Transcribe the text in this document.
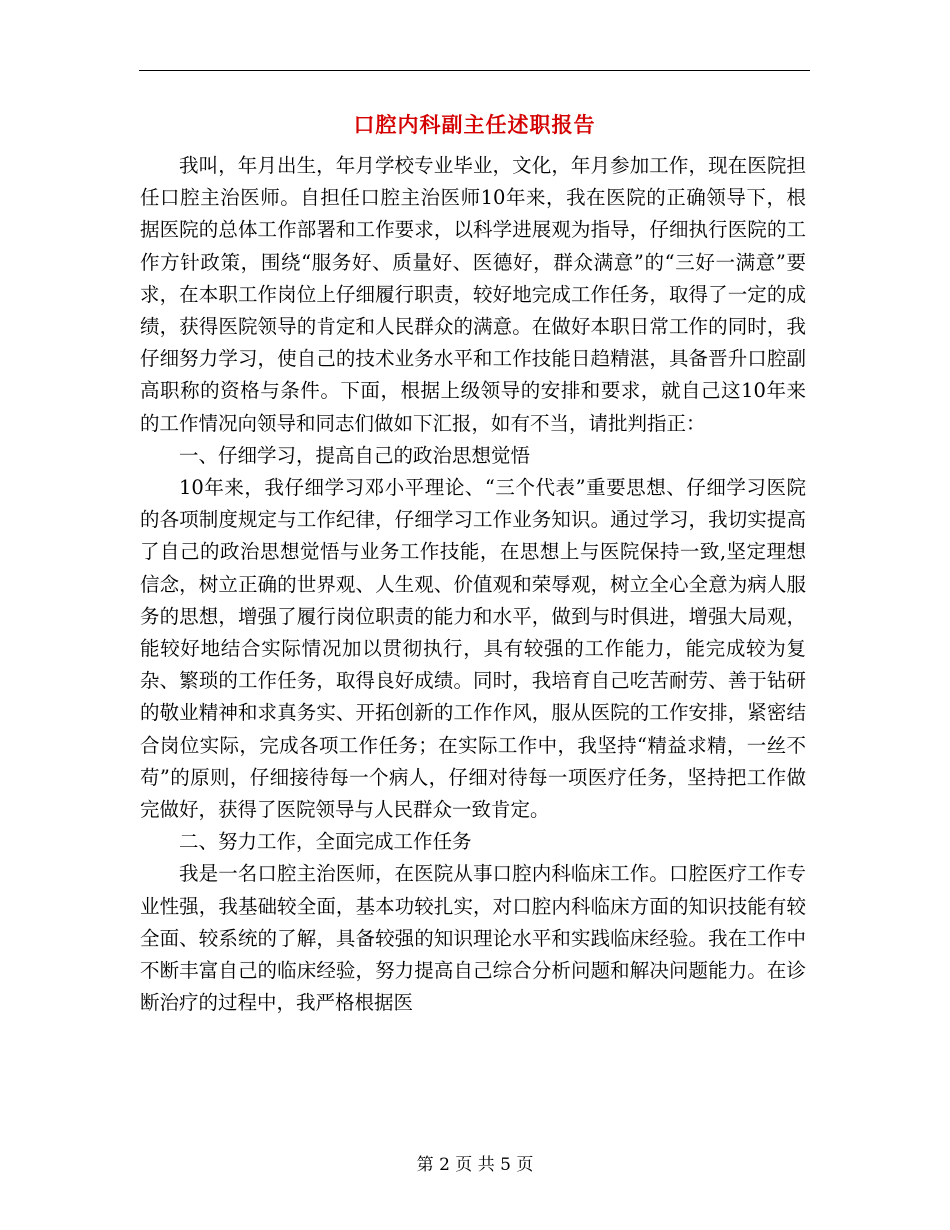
口腔内科副主任述职报告

我叫，年月出生，年月学校专业毕业，文化，年月参加工作，现在医院担任口腔主治医师。自担任口腔主治医师10年来，我在医院的正确领导下，根据医院的总体工作部署和工作要求，以科学进展观为指导，仔细执行医院的工作方针政策，围绕“服务好、质量好、医德好，群众满意”的“三好一满意”要求，在本职工作岗位上仔细履行职责，较好地完成工作任务，取得了一定的成绩，获得医院领导的肯定和人民群众的满意。在做好本职日常工作的同时，我仔细努力学习，使自己的技术业务水平和工作技能日趋精湛，具备晋升口腔副高职称的资格与条件。下面，根据上级领导的安排和要求，就自己这10年来的工作情况向领导和同志们做如下汇报，如有不当，请批判指正：

一、仔细学习，提高自己的政治思想觉悟

10年来，我仔细学习邓小平理论、“三个代表”重要思想、仔细学习医院的各项制度规定与工作纪律，仔细学习工作业务知识。通过学习，我切实提高了自己的政治思想觉悟与业务工作技能，在思想上与医院保持一致,坚定理想信念，树立正确的世界观、人生观、价值观和荣辱观，树立全心全意为病人服务的思想，增强了履行岗位职责的能力和水平，做到与时俱进，增强大局观，能较好地结合实际情况加以贯彻执行，具有较强的工作能力，能完成较为复杂、繁琐的工作任务，取得良好成绩。同时，我培育自己吃苦耐劳、善于钻研的敬业精神和求真务实、开拓创新的工作作风，服从医院的工作安排，紧密结合岗位实际，完成各项工作任务；在实际工作中，我坚持“精益求精，一丝不苟”的原则，仔细接待每一个病人，仔细对待每一项医疗任务，坚持把工作做完做好，获得了医院领导与人民群众一致肯定。

二、努力工作，全面完成工作任务

我是一名口腔主治医师，在医院从事口腔内科临床工作。口腔医疗工作专业性强，我基础较全面，基本功较扎实，对口腔内科临床方面的知识技能有较全面、较系统的了解，具备较强的知识理论水平和实践临床经验。我在工作中不断丰富自己的临床经验，努力提高自己综合分析问题和解决问题能力。在诊断治疗的过程中，我严格根据医

第 2 页 共 5 页
